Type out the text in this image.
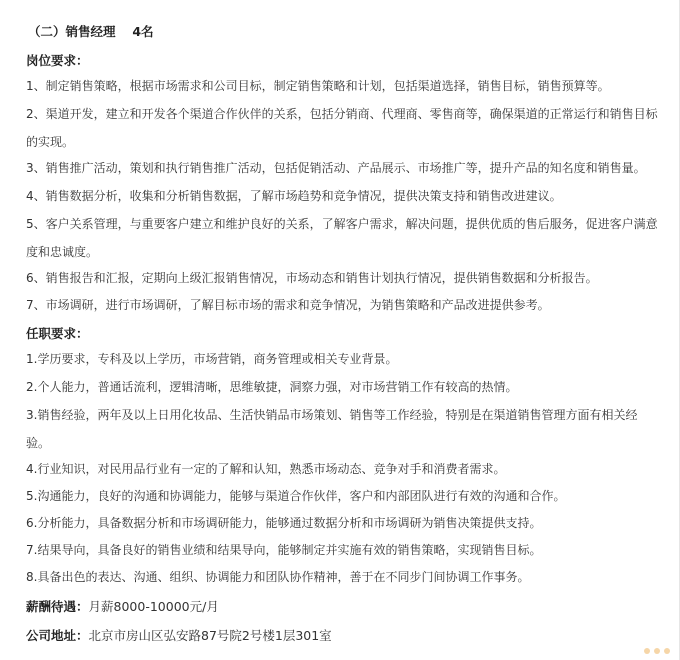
（二）销售经理　 4名
岗位要求：
1、制定销售策略，根据市场需求和公司目标，制定销售策略和计划，包括渠道选择，销售目标，销售预算等。
2、渠道开发，建立和开发各个渠道合作伙伴的关系，包括分销商、代理商、零售商等，确保渠道的正常运行和销售目标的实现。
3、销售推广活动，策划和执行销售推广活动，包括促销活动、产品展示、市场推广等，提升产品的知名度和销售量。
4、销售数据分析，收集和分析销售数据，了解市场趋势和竞争情况，提供决策支持和销售改进建议。
5、客户关系管理，与重要客户建立和维护良好的关系，了解客户需求，解决问题，提供优质的售后服务，促进客户满意度和忠诚度。
6、销售报告和汇报，定期向上级汇报销售情况，市场动态和销售计划执行情况，提供销售数据和分析报告。
7、市场调研，进行市场调研，了解目标市场的需求和竞争情况，为销售策略和产品改进提供参考。
任职要求：
1.学历要求，专科及以上学历，市场营销，商务管理或相关专业背景。
2.个人能力，普通话流利，逻辑清晰，思维敏捷，洞察力强，对市场营销工作有较高的热情。
3.销售经验，两年及以上日用化妆品、生活快销品市场策划、销售等工作经验，特别是在渠道销售管理方面有相关经验。
4.行业知识，对民用品行业有一定的了解和认知，熟悉市场动态、竞争对手和消费者需求。
5.沟通能力，良好的沟通和协调能力，能够与渠道合作伙伴，客户和内部团队进行有效的沟通和合作。
6.分析能力，具备数据分析和市场调研能力，能够通过数据分析和市场调研为销售决策提供支持。
7.结果导向，具备良好的销售业绩和结果导向，能够制定并实施有效的销售策略，实现销售目标。
8.具备出色的表达、沟通、组织、协调能力和团队协作精神，善于在不同步门间协调工作事务。
薪酬待遇：月薪8000-10000元/月
公司地址：北京市房山区弘安路87号院2号楼1层301室
